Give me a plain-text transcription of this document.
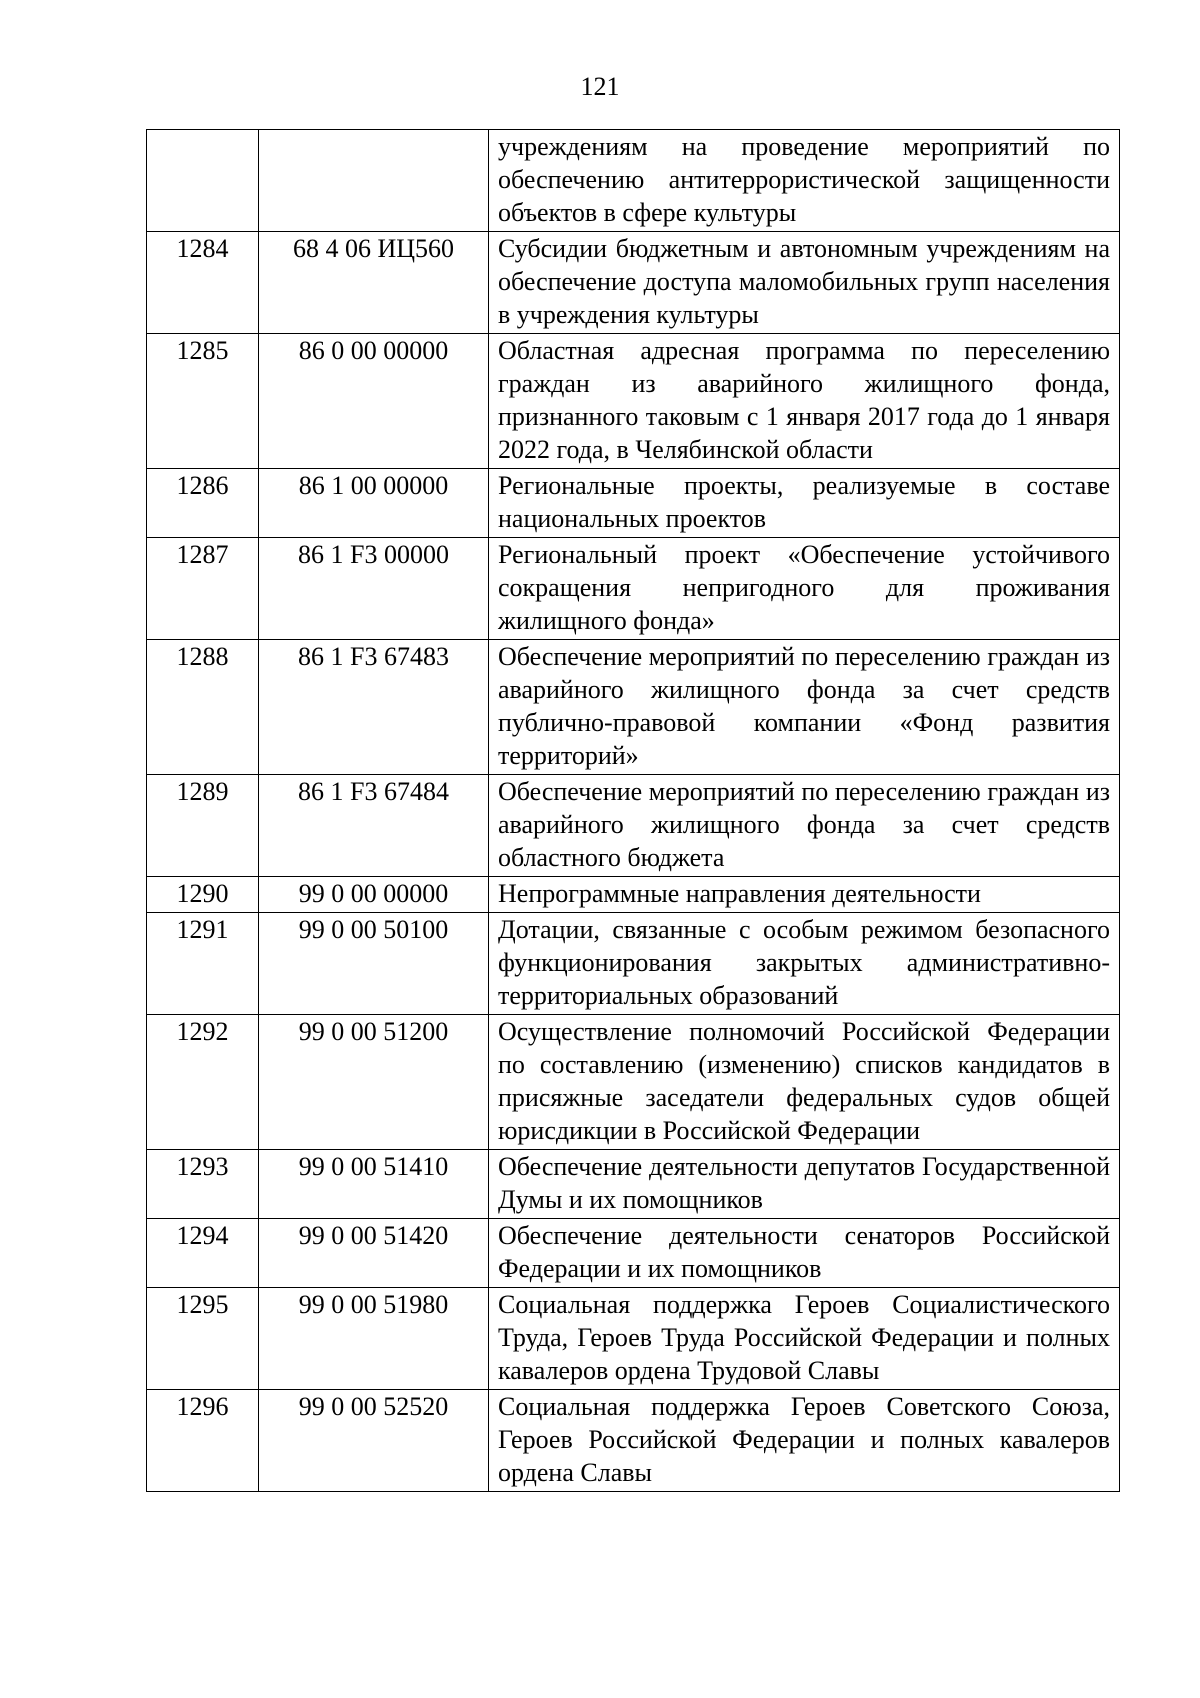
121
		учреждениям на проведение мероприятий по обеспечению антитеррористической защищенности объектов в сфере культуры
1284	68 4 06 ИЦ560	Субсидии бюджетным и автономным учреждениям на обеспечение доступа маломобильных групп населения в учреждения культуры
1285	86 0 00 00000	Областная адресная программа по переселению граждан из аварийного жилищного фонда, признанного таковым с 1 января 2017 года до 1 января 2022 года, в Челябинской области
1286	86 1 00 00000	Региональные проекты, реализуемые в составе национальных проектов
1287	86 1 F3 00000	Региональный проект «Обеспечение устойчивого сокращения непригодного для проживания жилищного фонда»
1288	86 1 F3 67483	Обеспечение мероприятий по переселению граждан из аварийного жилищного фонда за счет средств публично-правовой компании «Фонд развития территорий»
1289	86 1 F3 67484	Обеспечение мероприятий по переселению граждан из аварийного жилищного фонда за счет средств областного бюджета
1290	99 0 00 00000	Непрограммные направления деятельности
1291	99 0 00 50100	Дотации, связанные с особым режимом безопасного функционирования закрытых административно-территориальных образований
1292	99 0 00 51200	Осуществление полномочий Российской Федерации по составлению (изменению) списков кандидатов в присяжные заседатели федеральных судов общей юрисдикции в Российской Федерации
1293	99 0 00 51410	Обеспечение деятельности депутатов Государственной Думы и их помощников
1294	99 0 00 51420	Обеспечение деятельности сенаторов Российской Федерации и их помощников
1295	99 0 00 51980	Социальная поддержка Героев Социалистического Труда, Героев Труда Российской Федерации и полных кавалеров ордена Трудовой Славы
1296	99 0 00 52520	Социальная поддержка Героев Советского Союза, Героев Российской Федерации и полных кавалеров ордена Славы
